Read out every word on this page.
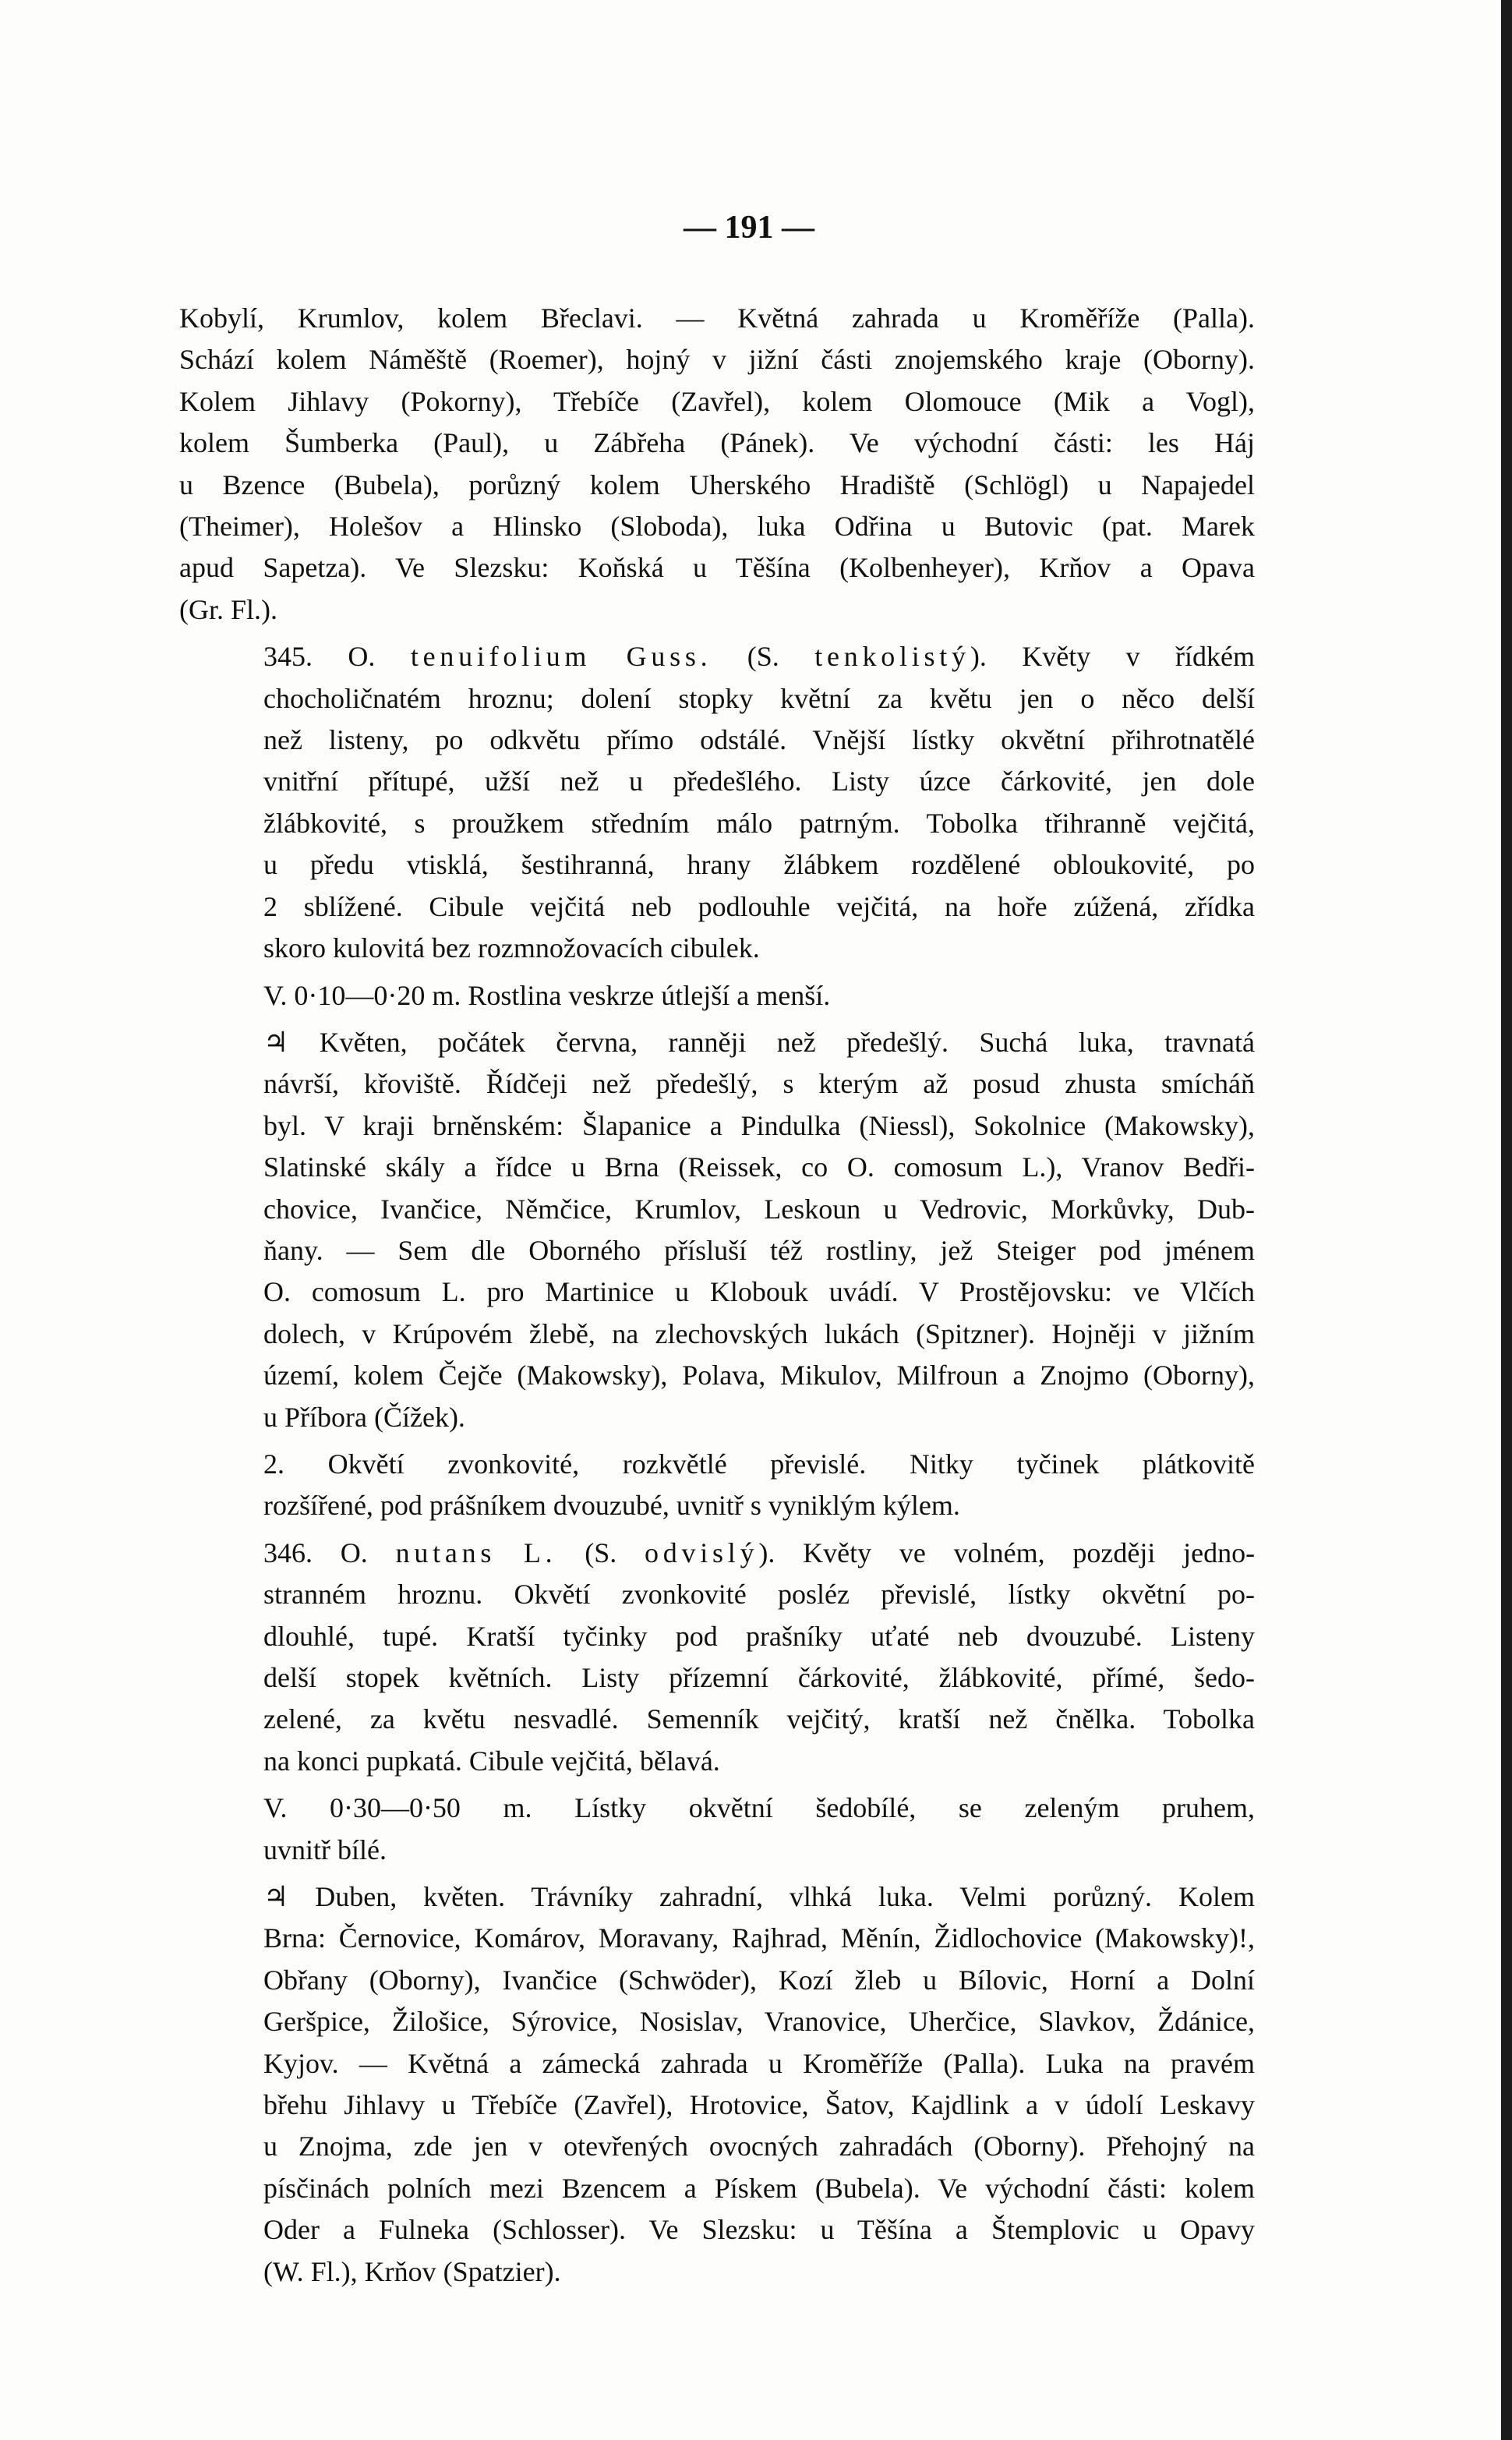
— 191 —
Kobylí, Krumlov, kolem Břeclavi. — Květná zahrada u Kroměříže (Palla).
Schází kolem Náměště (Roemer), hojný v jižní části znojemského kraje (Oborny).
Kolem Jihlavy (Pokorny), Třebíče (Zavřel), kolem Olomouce (Mik a Vogl),
kolem Šumberka (Paul), u Zábřeha (Pánek). Ve východní části: les Háj
u Bzence (Bubela), porůzný kolem Uherského Hradiště (Schlögl) u Napajedel
(Theimer), Holešov a Hlinsko (Sloboda), luka Odřina u Butovic (pat. Marek
apud Sapetza). Ve Slezsku: Koňská u Těšína (Kolbenheyer), Krňov a Opava
(Gr. Fl.).
345. O. tenuifolium Guss. (S. tenkolistý). Květy v řídkém
chocholičnatém hroznu; dolení stopky květní za květu jen o něco delší
než listeny, po odkvětu přímo odstálé. Vnější lístky okvětní přihrotnatělé
vnitřní přítupé, užší než u předešlého. Listy úzce čárkovité, jen dole
žlábkovité, s proužkem středním málo patrným. Tobolka třihranně vejčitá,
u předu vtisklá, šestihranná, hrany žlábkem rozdělené obloukovité, po
2 sblížené. Cibule vejčitá neb podlouhle vejčitá, na hoře zúžená, zřídka
skoro kulovitá bez rozmnožovacích cibulek.
V. 0·10—0·20 m. Rostlina veskrze útlejší a menší.
♃ Květen, počátek června, ranněji než předešlý. Suchá luka, travnatá
návrší, křoviště. Řídčeji než předešlý, s kterým až posud zhusta smícháň
byl. V kraji brněnském: Šlapanice a Pindulka (Niessl), Sokolnice (Makowsky),
Slatinské skály a řídce u Brna (Reissek, co O. comosum L.), Vranov Bedři-
chovice, Ivančice, Němčice, Krumlov, Leskoun u Vedrovic, Morkůvky, Dub-
ňany. — Sem dle Oborného přísluší též rostliny, jež Steiger pod jménem
O. comosum L. pro Martinice u Klobouk uvádí. V Prostějovsku: ve Vlčích
dolech, v Krúpovém žlebě, na zlechovských lukách (Spitzner). Hojněji v jižním
území, kolem Čejče (Makowsky), Polava, Mikulov, Milfroun a Znojmo (Oborny),
u Příbora (Čížek).
2. Okvětí zvonkovité, rozkvětlé převislé. Nitky tyčinek plátkovitě
rozšířené, pod prášníkem dvouzubé, uvnitř s vyniklým kýlem.
346. O. nutans L. (S. odvislý). Květy ve volném, později jedno-
stranném hroznu. Okvětí zvonkovité posléz převislé, lístky okvětní po-
dlouhlé, tupé. Kratší tyčinky pod prašníky uťaté neb dvouzubé. Listeny
delší stopek květních. Listy přízemní čárkovité, žlábkovité, přímé, šedo-
zelené, za květu nesvadlé. Semenník vejčitý, kratší než čnělka. Tobolka
na konci pupkatá. Cibule vejčitá, bělavá.
V. 0·30—0·50 m. Lístky okvětní šedobílé, se zeleným pruhem,
uvnitř bílé.
♃ Duben, květen. Trávníky zahradní, vlhká luka. Velmi porůzný. Kolem
Brna: Černovice, Komárov, Moravany, Rajhrad, Měnín, Židlochovice (Makowsky)!,
Obřany (Oborny), Ivančice (Schwöder), Kozí žleb u Bílovic, Horní a Dolní
Geršpice, Žilošice, Sýrovice, Nosislav, Vranovice, Uherčice, Slavkov, Ždánice,
Kyjov. — Květná a zámecká zahrada u Kroměříže (Palla). Luka na pravém
břehu Jihlavy u Třebíče (Zavřel), Hrotovice, Šatov, Kajdlink a v údolí Leskavy
u Znojma, zde jen v otevřených ovocných zahradách (Oborny). Přehojný na
písčinách polních mezi Bzencem a Pískem (Bubela). Ve východní části: kolem
Oder a Fulneka (Schlosser). Ve Slezsku: u Těšína a Štemplovic u Opavy
(W. Fl.), Krňov (Spatzier).
